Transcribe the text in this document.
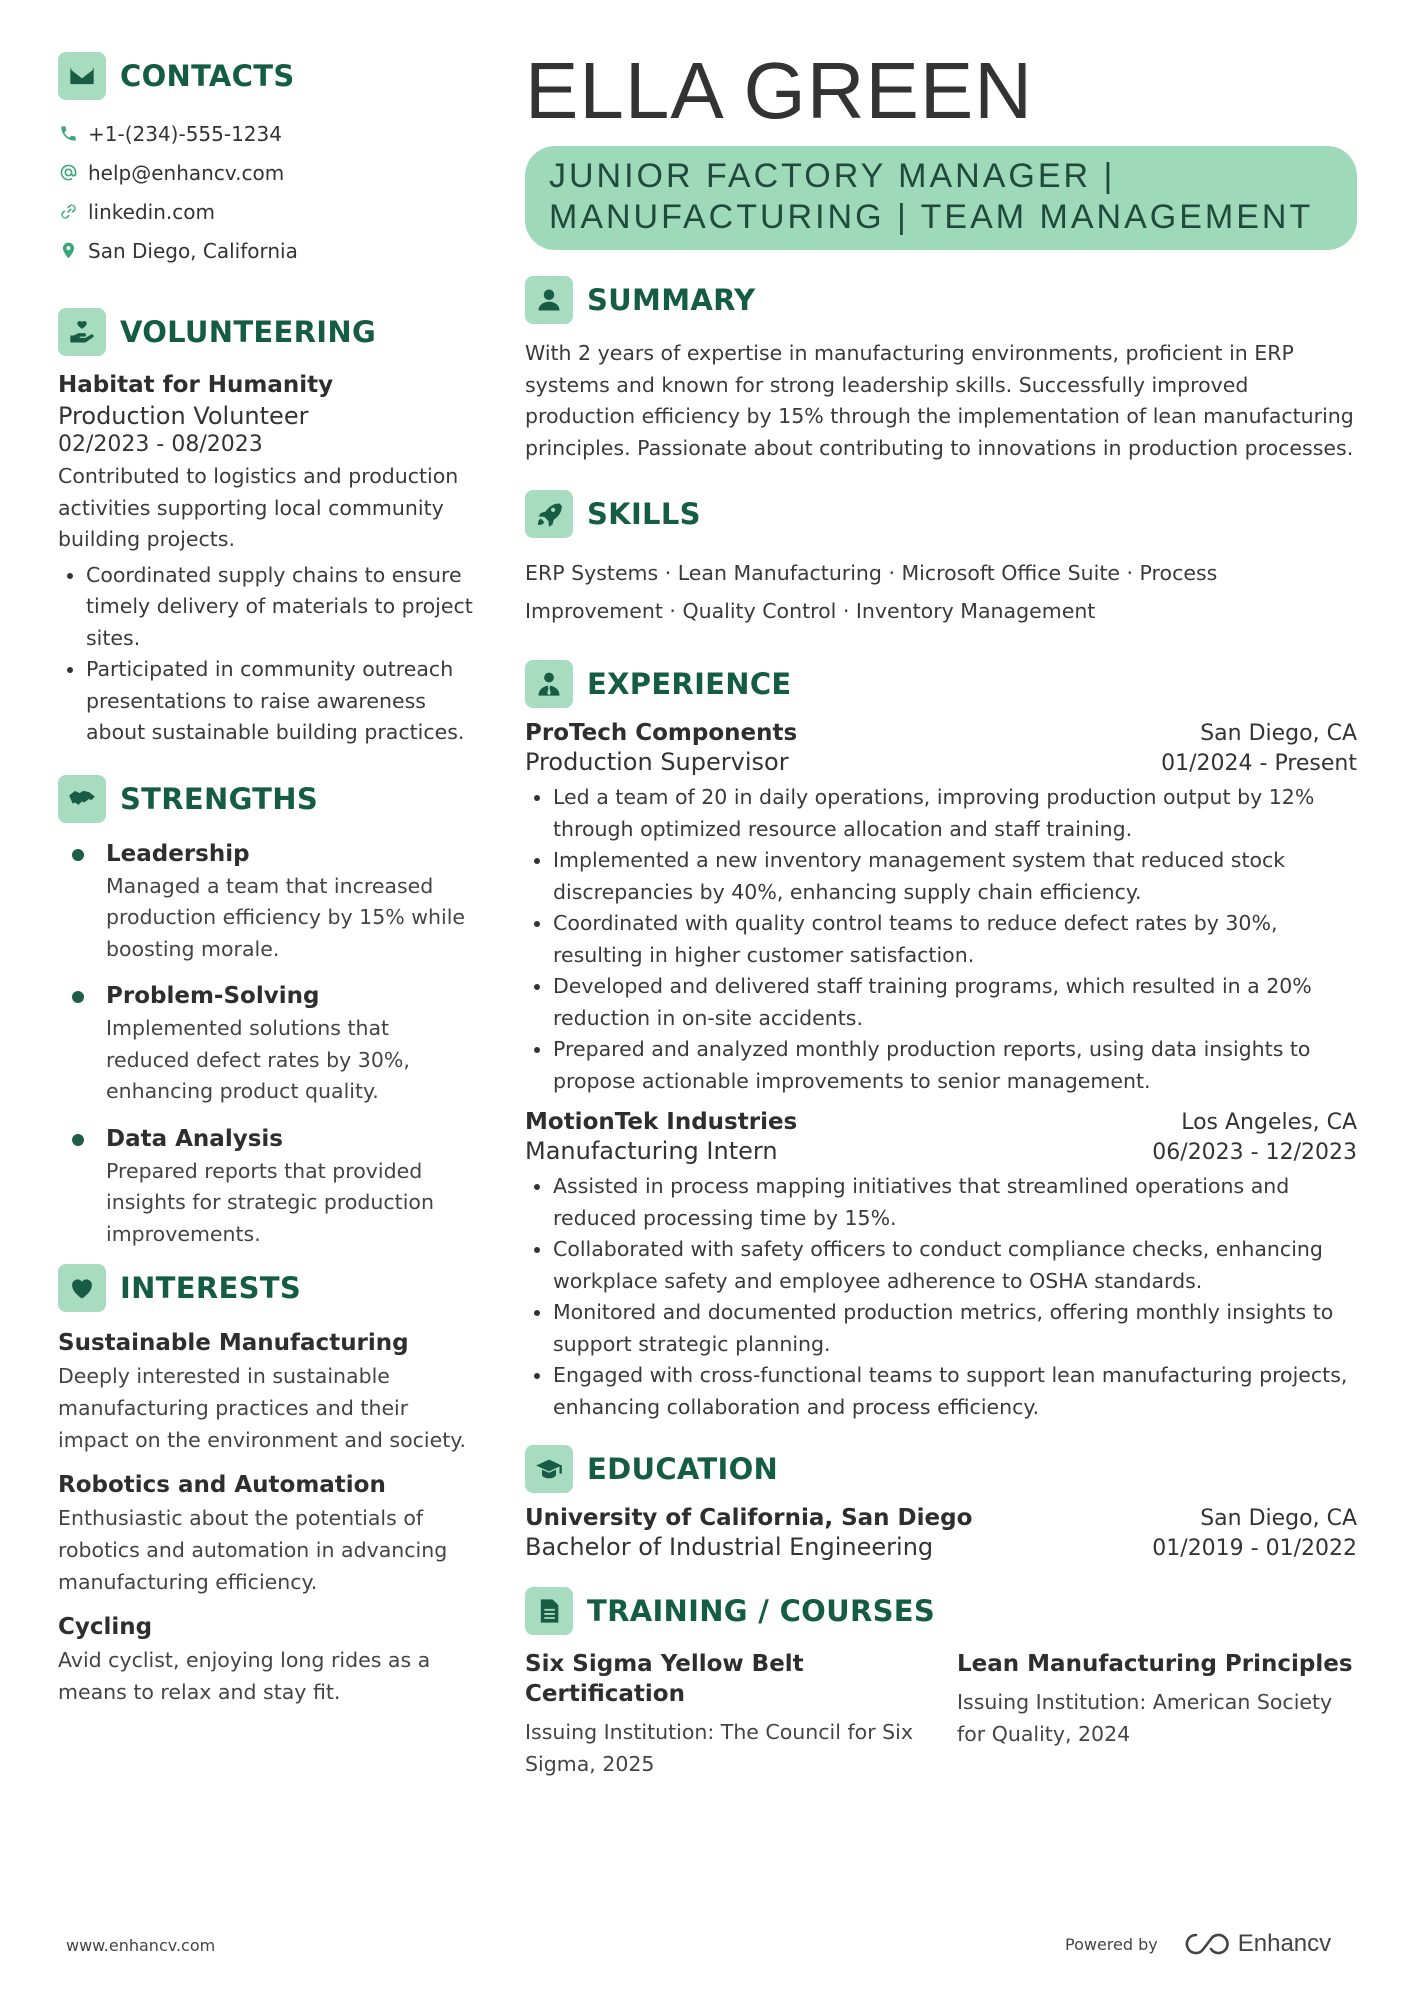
CONTACTS
+1-(234)-555-1234
help@enhancv.com
linkedin.com
San Diego, California
VOLUNTEERING
Habitat for Humanity
Production Volunteer
02/2023 - 08/2023
Contributed to logistics and production activities supporting local community building projects.
Coordinated supply chains to ensure timely delivery of materials to project sites.
Participated in community outreach presentations to raise awareness about sustainable building practices.
STRENGTHS
Leadership
Managed a team that increased production efficiency by 15% while boosting morale.
Problem-Solving
Implemented solutions that reduced defect rates by 30%, enhancing product quality.
Data Analysis
Prepared reports that provided insights for strategic production improvements.
INTERESTS
Sustainable Manufacturing
Deeply interested in sustainable manufacturing practices and their impact on the environment and society.
Robotics and Automation
Enthusiastic about the potentials of robotics and automation in advancing manufacturing efficiency.
Cycling
Avid cyclist, enjoying long rides as a means to relax and stay fit.
ELLA GREEN
JUNIOR FACTORY MANAGER | MANUFACTURING | TEAM MANAGEMENT
SUMMARY
With 2 years of expertise in manufacturing environments, proficient in ERP systems and known for strong leadership skills. Successfully improved production efficiency by 15% through the implementation of lean manufacturing principles. Passionate about contributing to innovations in production processes.
SKILLS
ERP Systems · Lean Manufacturing · Microsoft Office Suite · Process Improvement · Quality Control · Inventory Management
EXPERIENCE
ProTech Components	San Diego, CA
Production Supervisor	01/2024 - Present
Led a team of 20 in daily operations, improving production output by 12% through optimized resource allocation and staff training.
Implemented a new inventory management system that reduced stock discrepancies by 40%, enhancing supply chain efficiency.
Coordinated with quality control teams to reduce defect rates by 30%, resulting in higher customer satisfaction.
Developed and delivered staff training programs, which resulted in a 20% reduction in on-site accidents.
Prepared and analyzed monthly production reports, using data insights to propose actionable improvements to senior management.
MotionTek Industries	Los Angeles, CA
Manufacturing Intern	06/2023 - 12/2023
Assisted in process mapping initiatives that streamlined operations and reduced processing time by 15%.
Collaborated with safety officers to conduct compliance checks, enhancing workplace safety and employee adherence to OSHA standards.
Monitored and documented production metrics, offering monthly insights to support strategic planning.
Engaged with cross-functional teams to support lean manufacturing projects, enhancing collaboration and process efficiency.
EDUCATION
University of California, San Diego	San Diego, CA
Bachelor of Industrial Engineering	01/2019 - 01/2022
TRAINING / COURSES
Six Sigma Yellow Belt Certification
Issuing Institution: The Council for Six Sigma, 2025
Lean Manufacturing Principles
Issuing Institution: American Society for Quality, 2024
www.enhancv.com	Powered by	Enhancv
